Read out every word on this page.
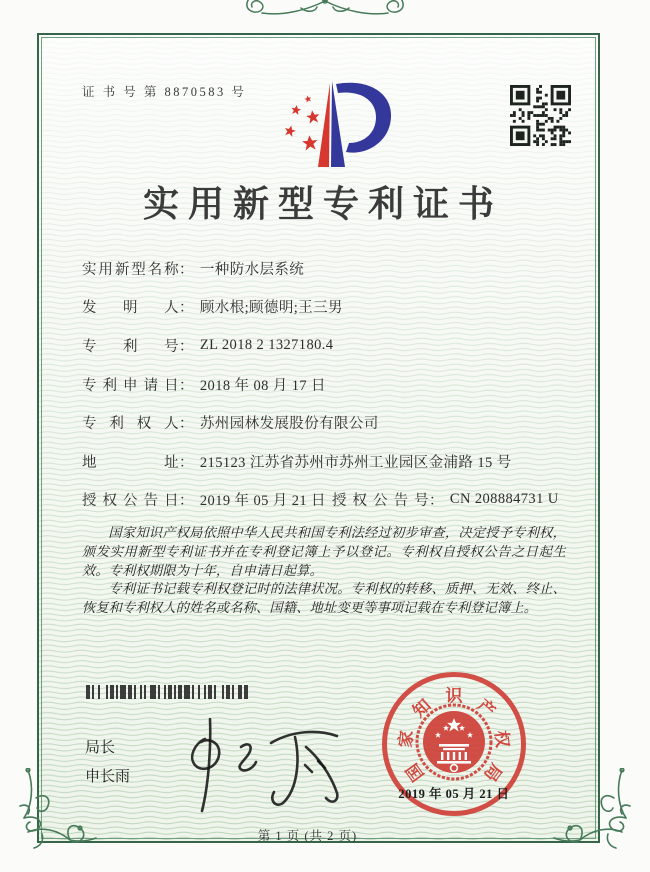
证 书 号 第 8870583 号
实用新型专利证书
实用新型名称 ： 一种防水层系统
发明人 ： 顾水根;顾德明;王三男
专利号 ： ZL 2018 2 1327180.4
专利申请日 ： 2018 年 08 月 17 日
专利权人 ： 苏州园林发展股份有限公司
地址 ： 215123 江苏省苏州市苏州工业园区金浦路 15 号
授权公告日 ： 2019 年 05 月 21 日 授权公告号 ： CN 208884731 U

国家知识产权局依照中华人民共和国专利法经过初步审查，决定授予专利权，颁发实用新型专利证书并在专利登记簿上予以登记。专利权自授权公告之日起生效。专利权期限为十年，自申请日起算。

专利证书记载专利权登记时的法律状况。专利权的转移、质押、无效、终止、恢复和专利权人的姓名或名称、国籍、地址变更等事项记载在专利登记簿上。

局长
申长雨	国
家
知 识 产
权
局
2019 年 05 月 21 日
第 1 页 (共 2 页)
